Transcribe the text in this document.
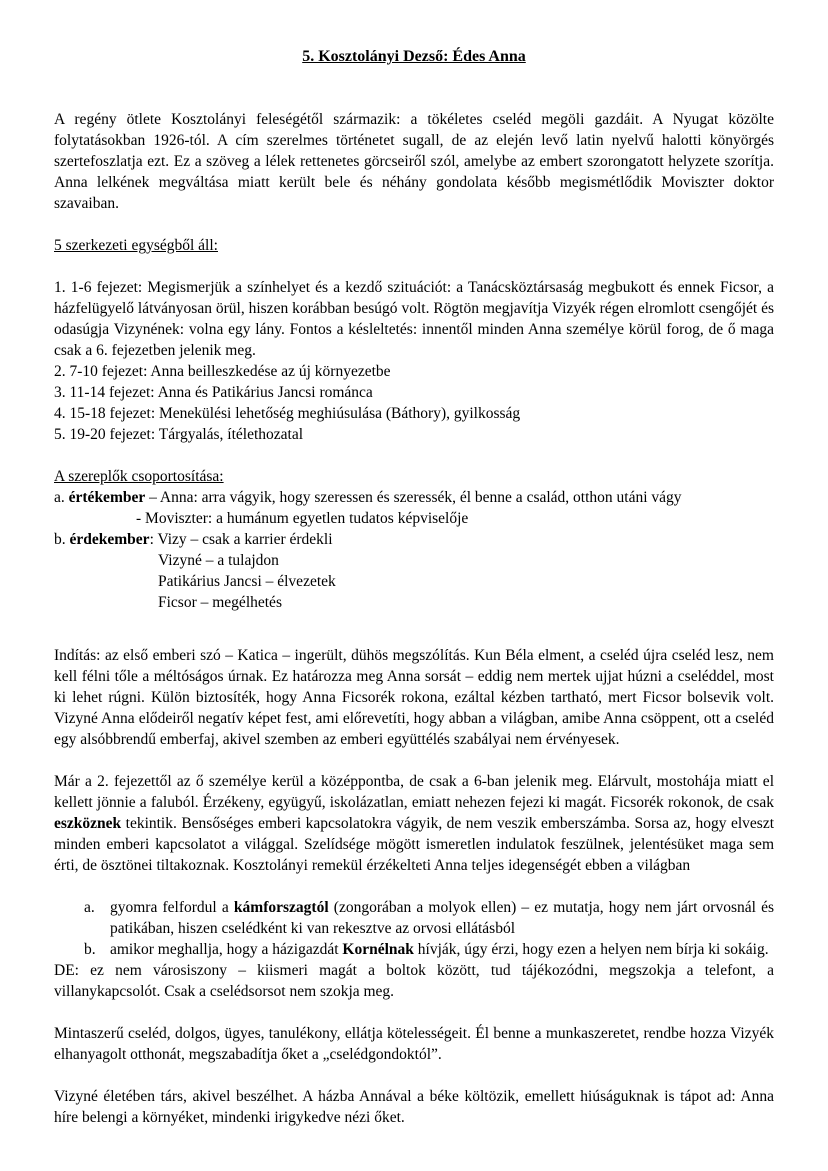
5. Kosztolányi Dezső: Édes Anna

A regény ötlete Kosztolányi feleségétől származik: a tökéletes cseléd megöli gazdáit. A Nyugat közölte folytatásokban 1926-tól. A cím szerelmes történetet sugall, de az elején levő latin nyelvű halotti könyörgés szertefoszlatja ezt. Ez a szöveg a lélek rettenetes görcseiről szól, amelybe az embert szorongatott helyzete szorítja. Anna lelkének megváltása miatt került bele és néhány gondolata később megismétlődik Moviszter doktor szavaiban.

5 szerkezeti egységből áll:

1. 1-6 fejezet: Megismerjük a színhelyet és a kezdő szituációt: a Tanácsköztársaság megbukott és ennek Ficsor, a házfelügyelő látványosan örül, hiszen korábban besúgó volt. Rögtön megjavítja Vizyék régen elromlott csengőjét és odasúgja Vizynének: volna egy lány. Fontos a késleltetés: innentől minden Anna személye körül forog, de ő maga csak a 6. fejezetben jelenik meg.

2. 7-10 fejezet: Anna beilleszkedése az új környezetbe

3. 11-14 fejezet: Anna és Patikárius Jancsi románca

4. 15-18 fejezet: Menekülési lehetőség meghiúsulása (Báthory), gyilkosság

5. 19-20 fejezet: Tárgyalás, ítélethozatal

A szereplők csoportosítása:

a. értékember – Anna: arra vágyik, hogy szeressen és szeressék, él benne a család, otthon utáni vágy

- Moviszter: a humánum egyetlen tudatos képviselője

b. érdekember: Vizy – csak a karrier érdekli

Vizyné – a tulajdon

Patikárius Jancsi – élvezetek

Ficsor – megélhetés

Indítás: az első emberi szó – Katica – ingerült, dühös megszólítás. Kun Béla elment, a cseléd újra cseléd lesz, nem kell félni tőle a méltóságos úrnak. Ez határozza meg Anna sorsát – eddig nem mertek ujjat húzni a cseléddel, most ki lehet rúgni. Külön biztosíték, hogy Anna Ficsorék rokona, ezáltal kézben tartható, mert Ficsor bolsevik volt. Vizyné Anna elődeiről negatív képet fest, ami előrevetíti, hogy abban a világban, amibe Anna csöppent, ott a cseléd egy alsóbbrendű emberfaj, akivel szemben az emberi együttélés szabályai nem érvényesek.

Már a 2. fejezettől az ő személye kerül a középpontba, de csak a 6-ban jelenik meg. Elárvult, mostohája miatt el kellett jönnie a faluból. Érzékeny, együgyű, iskolázatlan, emiatt nehezen fejezi ki magát. Ficsorék rokonok, de csak eszköznek tekintik. Bensőséges emberi kapcsolatokra vágyik, de nem veszik emberszámba. Sorsa az, hogy elveszt minden emberi kapcsolatot a világgal. Szelídsége mögött ismeretlen indulatok feszülnek, jelentésüket maga sem érti, de ösztönei tiltakoznak. Kosztolányi remekül érzékelteti Anna teljes idegenségét ebben a világban

a. gyomra felfordul a kámforszagtól (zongorában a molyok ellen) – ez mutatja, hogy nem járt orvosnál és patikában, hiszen cselédként ki van rekesztve az orvosi ellátásból
b. amikor meghallja, hogy a házigazdát Kornélnak hívják, úgy érzi, hogy ezen a helyen nem bírja ki sokáig.

DE: ez nem városiszony – kiismeri magát a boltok között, tud tájékozódni, megszokja a telefont, a villanykapcsolót. Csak a cselédsorsot nem szokja meg.

Mintaszerű cseléd, dolgos, ügyes, tanulékony, ellátja kötelességeit. Él benne a munkaszeretet, rendbe hozza Vizyék elhanyagolt otthonát, megszabadítja őket a „cselédgondoktól”.

Vizyné életében társ, akivel beszélhet. A házba Annával a béke költözik, emellett hiúságuknak is tápot ad: Anna híre belengi a környéket, mindenki irigykedve nézi őket.
